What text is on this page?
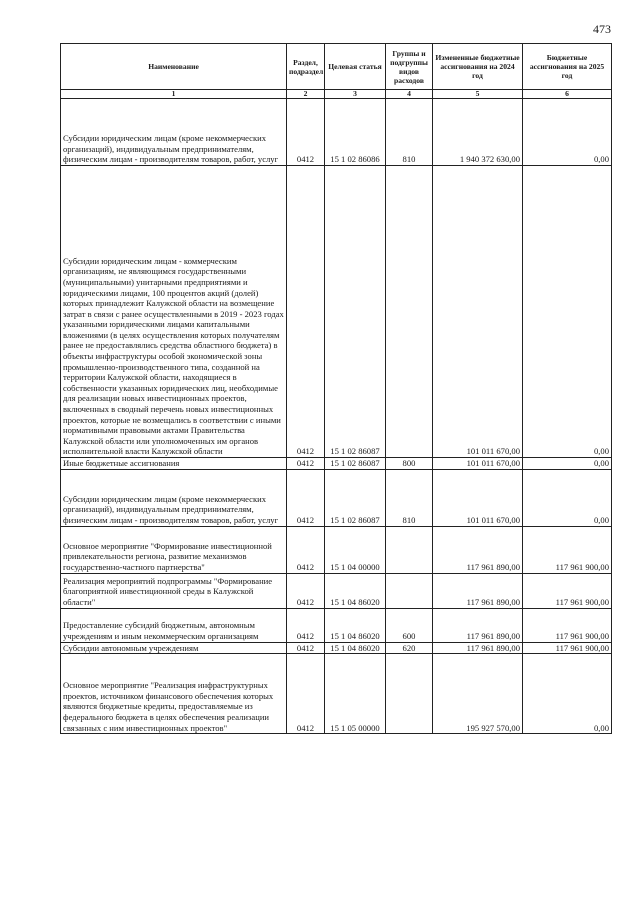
473
Наименование	Раздел, подраздел	Целевая статья	Группы и подгруппы видов расходов	Измененные бюджетные ассигнования на 2024 год	Бюджетные ассигнования на 2025 год
1	2	3	4	5	6
Субсидии юридическим лицам (кроме некоммерческих организаций), индивидуальным предпринимателям, физическим лицам - производителям товаров, работ, услуг	0412	15 1 02 86086	810	1 940 372 630,00	0,00
Субсидии юридическим лицам - коммерческим организациям, не являющимся государственными (муниципальными) унитарными предприятиями и юридическими лицами, 100 процентов акций (долей) которых принадлежит Калужской области на возмещение затрат в связи с ранее осуществленными в 2019 - 2023 годах указанными юридическими лицами капитальными вложениями (в целях осуществления которых получателям ранее не предоставлялись средства областного бюджета) в объекты инфраструктуры особой экономической зоны промышленно-производственного типа, созданной на территории Калужской области, находящиеся в собственности указанных юридических лиц, необходимые для реализации новых инвестиционных проектов, включенных в сводный перечень новых инвестиционных проектов, которые не возмещались в соответствии с иными нормативными правовыми актами Правительства Калужской области или уполномоченных им органов исполнительной власти Калужской области	0412	15 1 02 86087		101 011 670,00	0,00
Иные бюджетные ассигнования	0412	15 1 02 86087	800	101 011 670,00	0,00
Субсидии юридическим лицам (кроме некоммерческих организаций), индивидуальным предпринимателям, физическим лицам - производителям товаров, работ, услуг	0412	15 1 02 86087	810	101 011 670,00	0,00
Основное мероприятие "Формирование инвестиционной привлекательности региона, развитие механизмов государственно-частного партнерства"	0412	15 1 04 00000		117 961 890,00	117 961 900,00
Реализация мероприятий подпрограммы "Формирование благоприятной инвестиционной среды в Калужской области"	0412	15 1 04 86020		117 961 890,00	117 961 900,00
Предоставление субсидий бюджетным, автономным учреждениям и иным некоммерческим организациям	0412	15 1 04 86020	600	117 961 890,00	117 961 900,00
Субсидии автономным учреждениям	0412	15 1 04 86020	620	117 961 890,00	117 961 900,00
Основное мероприятие "Реализация инфраструктурных проектов, источником финансового обеспечения которых являются бюджетные кредиты, предоставляемые из федерального бюджета в целях обеспечения реализации связанных с ним инвестиционных проектов"	0412	15 1 05 00000		195 927 570,00	0,00
